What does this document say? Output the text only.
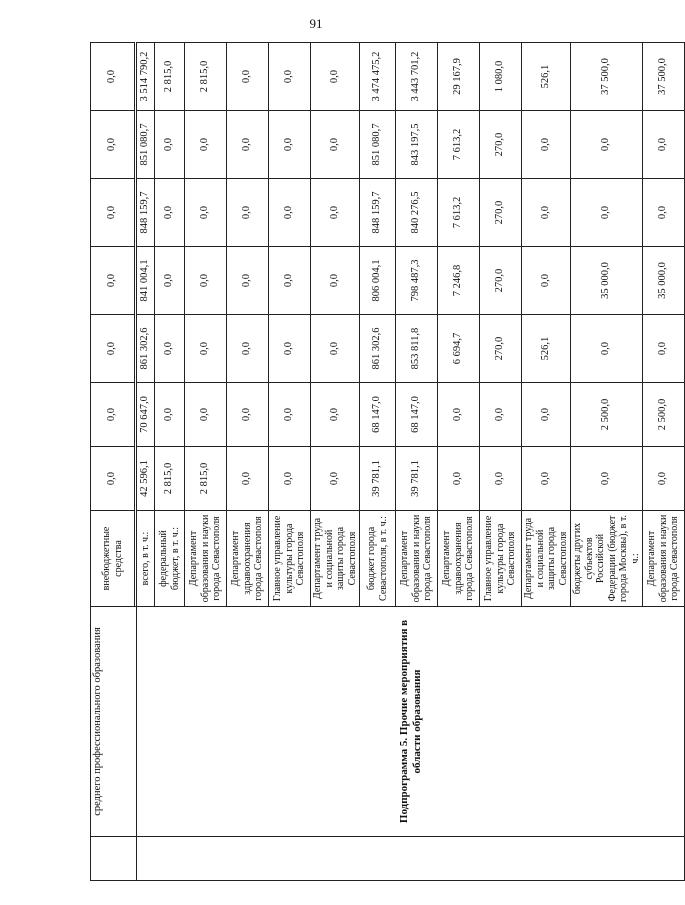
91
	среднего профессионального образования	внебюджетные средства	0,0	0,0	0,0	0,0	0,0	0,0	0,0

	Подпрограмма 5. Прочие мероприятия в области образования	всего, в т. ч.:	42 596,1	70 647,0	861 302,6	841 004,1	848 159,7	851 080,7	3 514 790,2
		федеральный бюджет, в т. ч.:	2 815,0	0,0	0,0	0,0	0,0	0,0	2 815,0
		Департамент образования и науки города Севастополя	2 815,0	0,0	0,0	0,0	0,0	0,0	2 815,0
		Департамент здравоохранения города Севастополя	0,0	0,0	0,0	0,0	0,0	0,0	0,0
		Главное управление культуры города Севастополя	0,0	0,0	0,0	0,0	0,0	0,0	0,0
		Департамент труда и социальной защиты города Севастополя	0,0	0,0	0,0	0,0	0,0	0,0	0,0
		бюджет города Севастополя, в т. ч.:	39 781,1	68 147,0	861 302,6	806 004,1	848 159,7	851 080,7	3 474 475,2
		Департамент образования и науки города Севастополя	39 781,1	68 147,0	853 811,8	798 487,3	840 276,5	843 197,5	3 443 701,2
		Департамент здравоохранения города Севастополя	0,0	0,0	6 694,7	7 246,8	7 613,2	7 613,2	29 167,9
		Главное управление культуры города Севастополя	0,0	0,0	270,0	270,0	270,0	270,0	1 080,0
		Департамент труда и социальной защиты города Севастополя	0,0	0,0	526,1	0,0	0,0	0,0	526,1
		бюджеты других субъектов Российской Федерации (бюджет города Москвы), в т. ч.:	0,0	2 500,0	0,0	35 000,0	0,0	0,0	37 500,0
		Департамент образования и науки города Севастополя	0,0	2 500,0	0,0	35 000,0	0,0	0,0	37 500,0
